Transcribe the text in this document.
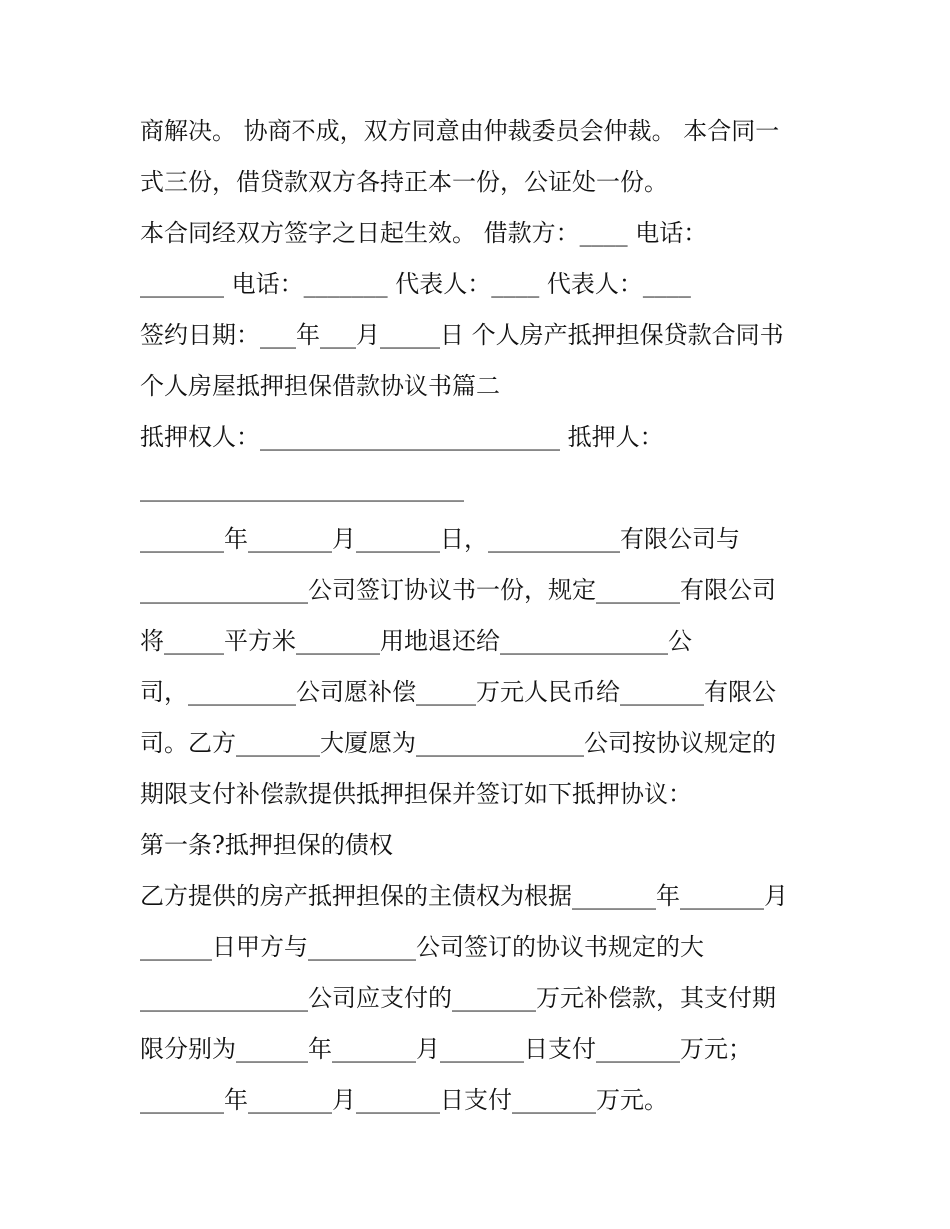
商解决。 协商不成，双方同意由仲裁委员会仲裁。 本合同一
式三份，借贷款双方各持正本一份，公证处一份。
本合同经双方签字之日起生效。 借款方：____ 电话：
_______ 电话：_______ 代表人：____ 代表人：____
签约日期：___年___月_____日 个人房产抵押担保贷款合同书
个人房屋抵押担保借款协议书篇二
抵押权人：_________________________ 抵押人：
___________________________
_______年_______月_______日，___________有限公司与
______________公司签订协议书一份，规定_______有限公司
将_____平方米_______用地退还给______________公
司，_________公司愿补偿_____万元人民币给_______有限公
司。乙方_______大厦愿为______________公司按协议规定的
期限支付补偿款提供抵押担保并签订如下抵押协议：
第一条?抵押担保的债权
乙方提供的房产抵押担保的主债权为根据_______年_______月
______日甲方与_________公司签订的协议书规定的大
______________公司应支付的_______万元补偿款，其支付期
限分别为______年_______月_______日支付_______万元；
_______年_______月_______日支付_______万元。
